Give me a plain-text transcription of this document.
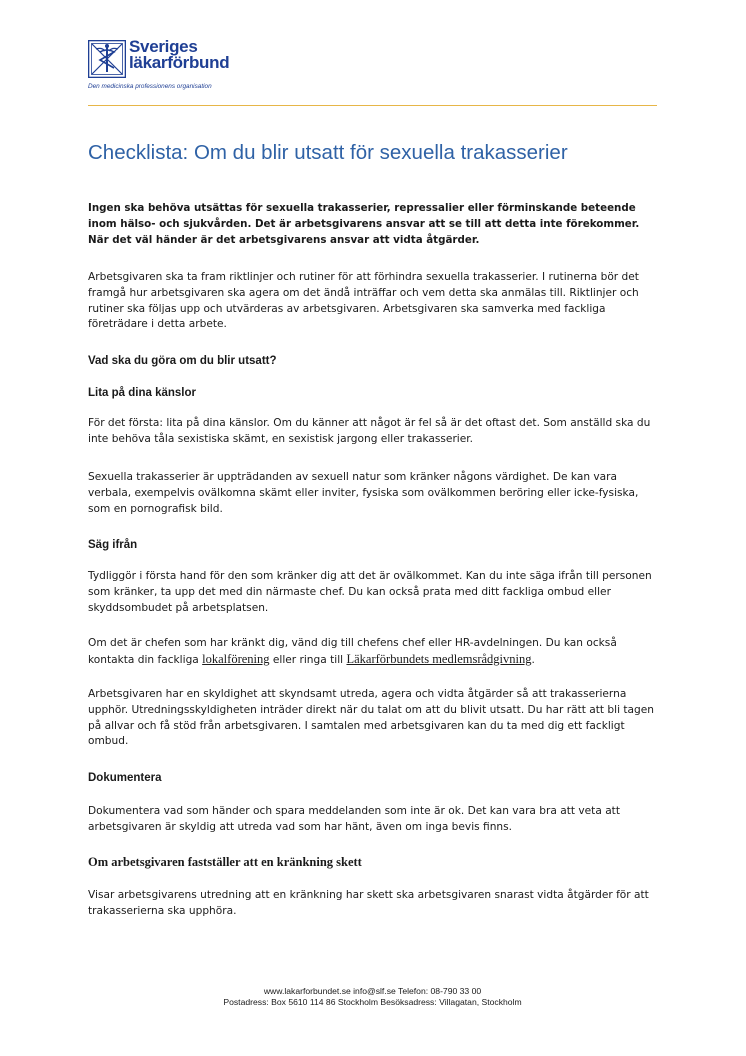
Sveriges
läkarförbund
Den medicinska professionens organisation
Checklista: Om du blir utsatt för sexuella trakasserier

Ingen ska behöva utsättas för sexuella trakasserier, repressalier eller förminskande beteende inom hälso- och sjukvården. Det är arbetsgivarens ansvar att se till att detta inte förekommer. När det väl händer är det arbetsgivarens ansvar att vidta åtgärder.

Arbetsgivaren ska ta fram riktlinjer och rutiner för att förhindra sexuella trakasserier. I rutinerna bör det framgå hur arbetsgivaren ska agera om det ändå inträffar och vem detta ska anmälas till. Riktlinjer och rutiner ska följas upp och utvärderas av arbetsgivaren. Arbetsgivaren ska samverka med fackliga företrädare i detta arbete.

Vad ska du göra om du blir utsatt?
Lita på dina känslor

För det första: lita på dina känslor. Om du känner att något är fel så är det oftast det. Som anställd ska du inte behöva tåla sexistiska skämt, en sexistisk jargong eller trakasserier.

Sexuella trakasserier är uppträdanden av sexuell natur som kränker någons värdighet. De kan vara verbala, exempelvis ovälkomna skämt eller inviter, fysiska som ovälkommen beröring eller icke-fysiska, som en pornografisk bild.

Säg ifrån

Tydliggör i första hand för den som kränker dig att det är ovälkommet. Kan du inte säga ifrån till personen som kränker, ta upp det med din närmaste chef. Du kan också prata med ditt fackliga ombud eller skyddsombudet på arbetsplatsen.

Om det är chefen som har kränkt dig, vänd dig till chefens chef eller HR-avdelningen. Du kan också kontakta din fackliga lokalförening eller ringa till Läkarförbundets medlemsrådgivning.

Arbetsgivaren har en skyldighet att skyndsamt utreda, agera och vidta åtgärder så att trakasserierna upphör. Utredningsskyldigheten inträder direkt när du talat om att du blivit utsatt. Du har rätt att bli tagen på allvar och få stöd från arbetsgivaren. I samtalen med arbetsgivaren kan du ta med dig ett fackligt ombud.

Dokumentera

Dokumentera vad som händer och spara meddelanden som inte är ok. Det kan vara bra att veta att arbetsgivaren är skyldig att utreda vad som har hänt, även om inga bevis finns.

Om arbetsgivaren fastställer att en kränkning skett

Visar arbetsgivarens utredning att en kränkning har skett ska arbetsgivaren snarast vidta åtgärder för att trakasserierna ska upphöra.

www.lakarforbundet.se info@slf.se Telefon: 08-790 33 00
Postadress: Box 5610 114 86 Stockholm Besöksadress: Villagatan, Stockholm
